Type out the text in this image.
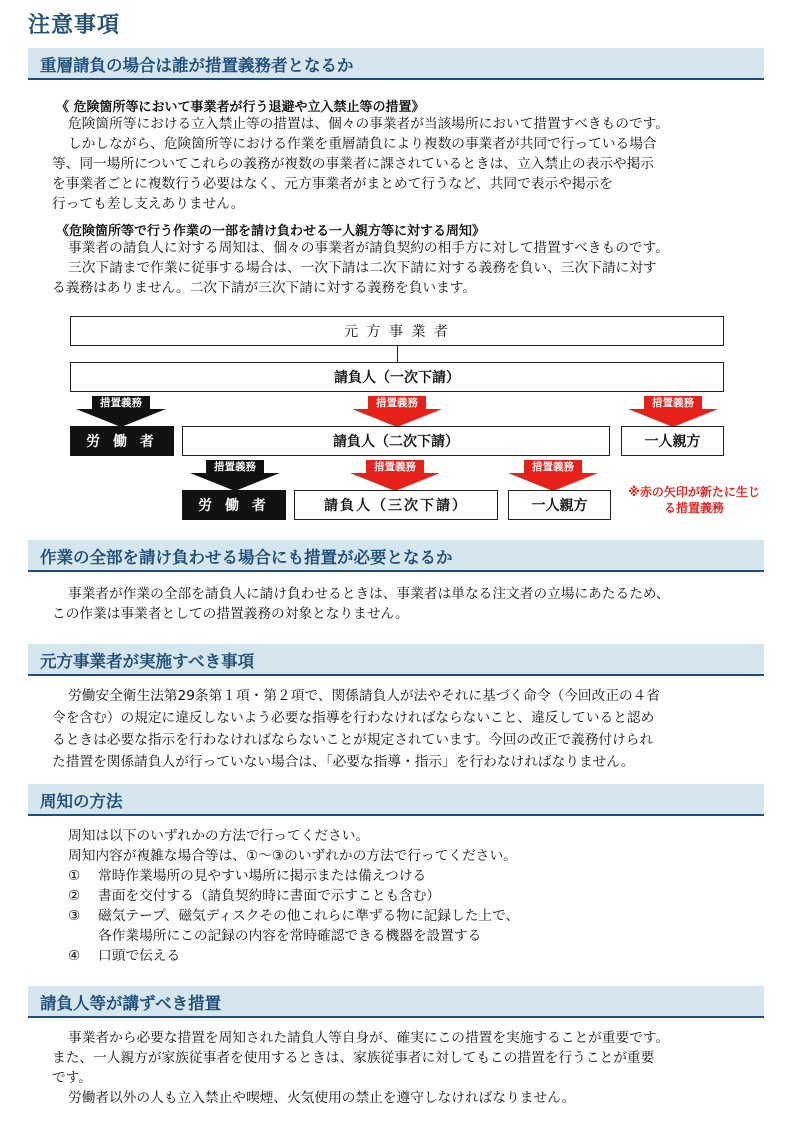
注意事項
重層請負の場合は誰が措置義務者となるか
《 危険箇所等において事業者が行う退避や立入禁止等の措置》
危険箇所等における立入禁止等の措置は、個々の事業者が当該場所において措置すべきものです。
しかしながら、危険箇所等における作業を重層請負により複数の事業者が共同で行っている場合
等、同一場所についてこれらの義務が複数の事業者に課されているときは、立入禁止の表示や掲示
を事業者ごとに複数行う必要はなく、元方事業者がまとめて行うなど、共同で表示や掲示を
行っても差し支えありません。
《危険箇所等で行う作業の一部を請け負わせる一人親方等に対する周知》
事業者の請負人に対する周知は、個々の事業者が請負契約の相手方に対して措置すべきものです。
三次下請まで作業に従事する場合は、一次下請は二次下請に対する義務を負い、三次下請に対す
る義務はありません。二次下請が三次下請に対する義務を負います。
元 方 事 業 者
請負人（一次下請）
措置義務	措置義務	措置義務
労 働 者	請負人（二次下請）	一人親方
措置義務	措置義務	措置義務
労 働 者	請負人（三次下請）	一人親方
※赤の矢印が新たに生じる措置義務
作業の全部を請け負わせる場合にも措置が必要となるか
事業者が作業の全部を請負人に請け負わせるときは、事業者は単なる注文者の立場にあたるため、
この作業は事業者としての措置義務の対象となりません。
元方事業者が実施すべき事項
労働安全衛生法第29条第１項・第２項で、関係請負人が法やそれに基づく命令（今回改正の４省
令を含む）の規定に違反しないよう必要な指導を行わなければならないこと、違反していると認め
るときは必要な指示を行わなければならないことが規定されています。今回の改正で義務付けられ
た措置を関係請負人が行っていない場合は、「必要な指導・指示」を行わなければなりません。
周知の方法
周知は以下のいずれかの方法で行ってください。
周知内容が複雑な場合等は、①～③のいずれかの方法で行ってください。
① 常時作業場所の見やすい場所に掲示または備えつける
② 書面を交付する（請負契約時に書面で示すことも含む）
③ 磁気テープ、磁気ディスクその他これらに準ずる物に記録した上で、
各作業場所にこの記録の内容を常時確認できる機器を設置する
④ 口頭で伝える
請負人等が講ずべき措置
事業者から必要な措置を周知された請負人等自身が、確実にこの措置を実施することが重要です。
また、一人親方が家族従事者を使用するときは、家族従事者に対してもこの措置を行うことが重要
です。
労働者以外の人も立入禁止や喫煙、火気使用の禁止を遵守しなければなりません。
